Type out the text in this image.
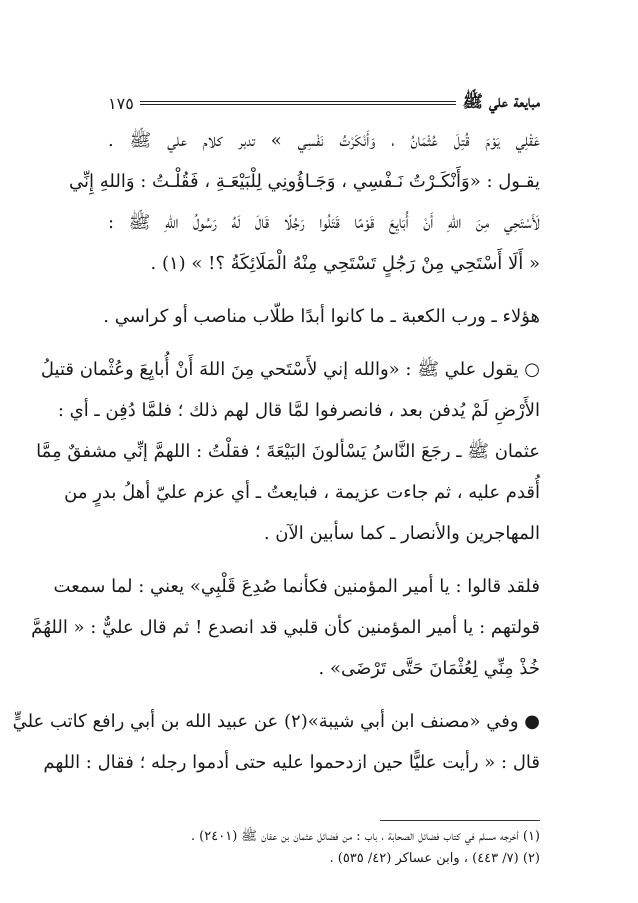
مبايعة علي ﷺ
١٧٥
عَقْلِي يَوْمَ قُتِلَ عُثْمَانُ ، وَأَنْكَرْتُ نَفْسِي » تدبر كلام علي ﷺ .
يقـول : «وَأَنْكَـرْتُ نَـفْسِي ، وَجَـاؤُونِي لِلْبَيْعَـةِ ، فَقُلْـتُ : وَاللهِ إِنِّي
لَأَسْتَحِي مِنَ اللهِ أَنْ أُبَايِعَ قَوْمًا قَتَلُوا رَجُلًا قَالَ لَهُ رَسُولُ اللهِ ﷺ :
« أَلَا أَسْتَحِي مِنْ رَجُلٍ تَسْتَحِي مِنْهُ الْمَلَائِكَةُ ؟! » (١) .
هؤلاء ـ ورب الكعبة ـ ما كانوا أبدًا طلّاب مناصب أو كراسي .
○ يقول علي ﷺ : «والله إني لأَسْتَحي مِنَ اللهَ أَنْ أُبايِعَ وعُثْمان قتيلُ
الأَرْضِ لَمْ يُدفن بعد ، فانصرفوا لمَّا قال لهم ذلك ؛ فلمَّا دُفِن ـ أي :
عثمان ﷺ ـ رجَعَ النَّاسُ يَسْألونَ البَيْعَةَ ؛ فقلْتُ : اللهمَّ إنِّي مشفقٌ مِمَّا
أُقدم عليه ، ثم جاءت عزيمة ، فبايعتُ ـ أي عزم عليّ أهلُ بدرٍ من
المهاجرين والأنصار ـ كما سأبين الآن .
فلقد قالوا : يا أمير المؤمنين فكأنما صُدِعَ قَلْبِي» يعني : لما سمعت
قولتهم : يا أمير المؤمنين كأن قلبي قد انصدع ! ثم قال عليٌّ : « اللهُمَّ
خُذْ مِنِّي لِعُثْمَانَ حَتَّى تَرْضَى» .
● وفي «مصنف ابن أبي شيبة»(٢) عن عبيد الله بن أبي رافع كاتب عليٍّ
قال : « رأيت عليًّا حين ازدحموا عليه حتى أدموا رجله ؛ فقال : اللهم
(١) أخرجه مسلم في كتاب فضائل الصحابة ، باب : من فضائل عثمان بن عفان ﷺ (٢٤٠١) .
(٢) (٧/ ٤٤٣) ، وابن عساكر (٤٢/ ٥٣٥) .
